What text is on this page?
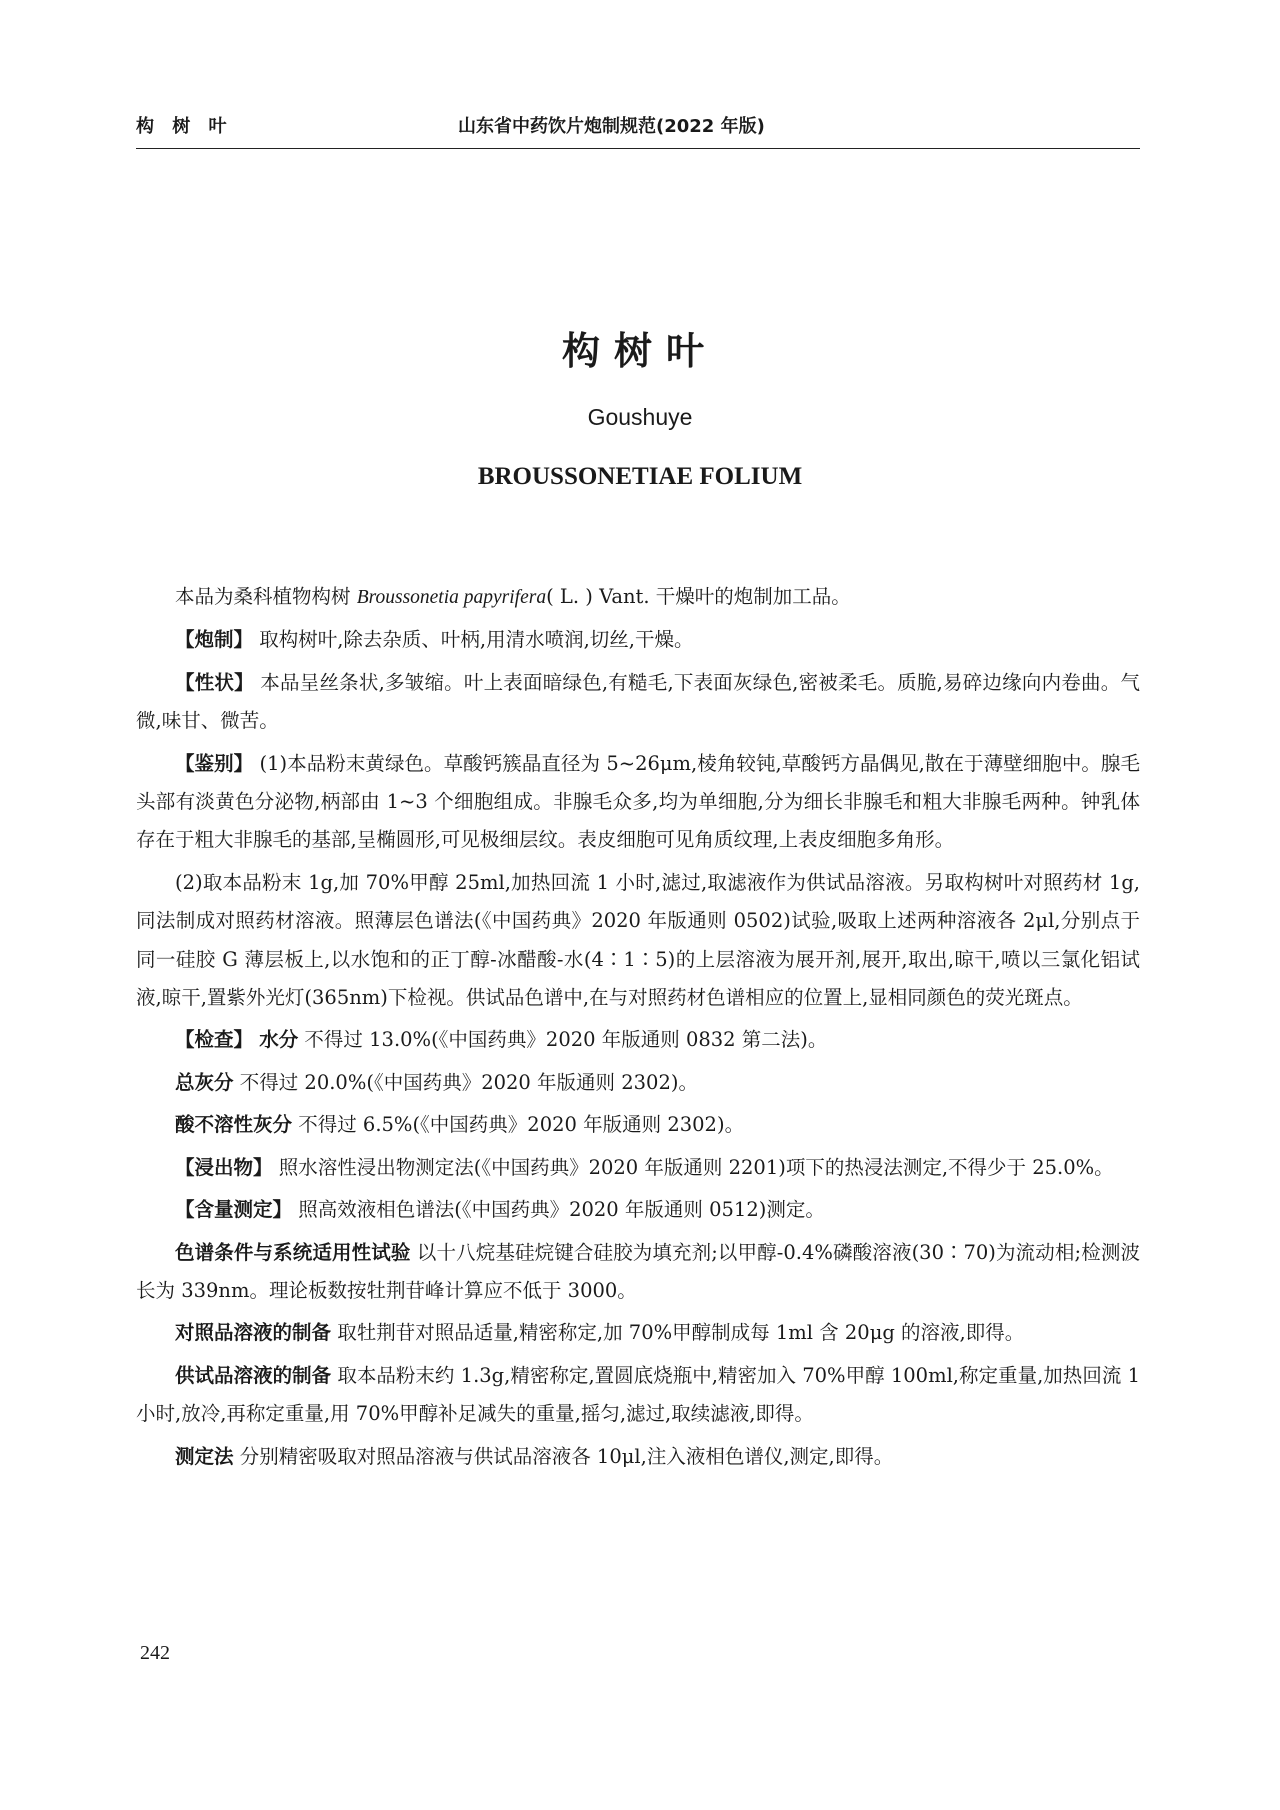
构 树 叶	山东省中药饮片炮制规范(2022 年版)
构树叶
Goushuye
BROUSSONETIAE FOLIUM

本品为桑科植物构树 Broussonetia papyrifera( L. ) Vant. 干燥叶的炮制加工品。

【炮制】 取构树叶,除去杂质、叶柄,用清水喷润,切丝,干燥。

【性状】 本品呈丝条状,多皱缩。叶上表面暗绿色,有糙毛,下表面灰绿色,密被柔毛。质脆,易碎边缘向内卷曲。气微,味甘、微苦。

【鉴别】 (1)本品粉末黄绿色。草酸钙簇晶直径为 5~26μm,棱角较钝,草酸钙方晶偶见,散在于薄壁细胞中。腺毛头部有淡黄色分泌物,柄部由 1~3 个细胞组成。非腺毛众多,均为单细胞,分为细长非腺毛和粗大非腺毛两种。钟乳体存在于粗大非腺毛的基部,呈椭圆形,可见极细层纹。表皮细胞可见角质纹理,上表皮细胞多角形。

(2)取本品粉末 1g,加 70%甲醇 25ml,加热回流 1 小时,滤过,取滤液作为供试品溶液。另取构树叶对照药材 1g,同法制成对照药材溶液。照薄层色谱法(《中国药典》2020 年版通则 0502)试验,吸取上述两种溶液各 2μl,分别点于同一硅胶 G 薄层板上,以水饱和的正丁醇-冰醋酸-水(4∶1∶5)的上层溶液为展开剂,展开,取出,晾干,喷以三氯化铝试液,晾干,置紫外光灯(365nm)下检视。供试品色谱中,在与对照药材色谱相应的位置上,显相同颜色的荧光斑点。

【检查】 水分 不得过 13.0%(《中国药典》2020 年版通则 0832 第二法)。

总灰分 不得过 20.0%(《中国药典》2020 年版通则 2302)。

酸不溶性灰分 不得过 6.5%(《中国药典》2020 年版通则 2302)。

【浸出物】 照水溶性浸出物测定法(《中国药典》2020 年版通则 2201)项下的热浸法测定,不得少于 25.0%。

【含量测定】 照高效液相色谱法(《中国药典》2020 年版通则 0512)测定。

色谱条件与系统适用性试验 以十八烷基硅烷键合硅胶为填充剂;以甲醇-0.4%磷酸溶液(30∶70)为流动相;检测波长为 339nm。理论板数按牡荆苷峰计算应不低于 3000。

对照品溶液的制备 取牡荆苷对照品适量,精密称定,加 70%甲醇制成每 1ml 含 20μg 的溶液,即得。

供试品溶液的制备 取本品粉末约 1.3g,精密称定,置圆底烧瓶中,精密加入 70%甲醇 100ml,称定重量,加热回流 1 小时,放冷,再称定重量,用 70%甲醇补足减失的重量,摇匀,滤过,取续滤液,即得。

测定法 分别精密吸取对照品溶液与供试品溶液各 10μl,注入液相色谱仪,测定,即得。

242
